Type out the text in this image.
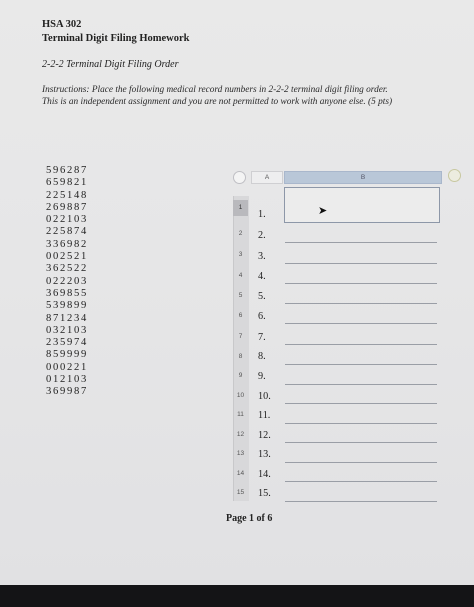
HSA 302
Terminal Digit Filing Homework
2-2-2 Terminal Digit Filing Order
Instructions: Place the following medical record numbers in 2-2-2 terminal digit filing order.
This is an independent assignment and you are not permitted to work with anyone else. (5 pts)
596287
659821
225148
269887
022103
225874
336982
002521
362522
022203
369855
539899
871234
032103
235974
859999
000221
012103
369987
A	B
1
2
3
4
5
6
7
8
9
10
11
12
13
14
15
➤
1.
2.
3.
4.
5.
6.
7.
8.
9.
10.
11.
12.
13.
14.
15.
Page 1 of 6
